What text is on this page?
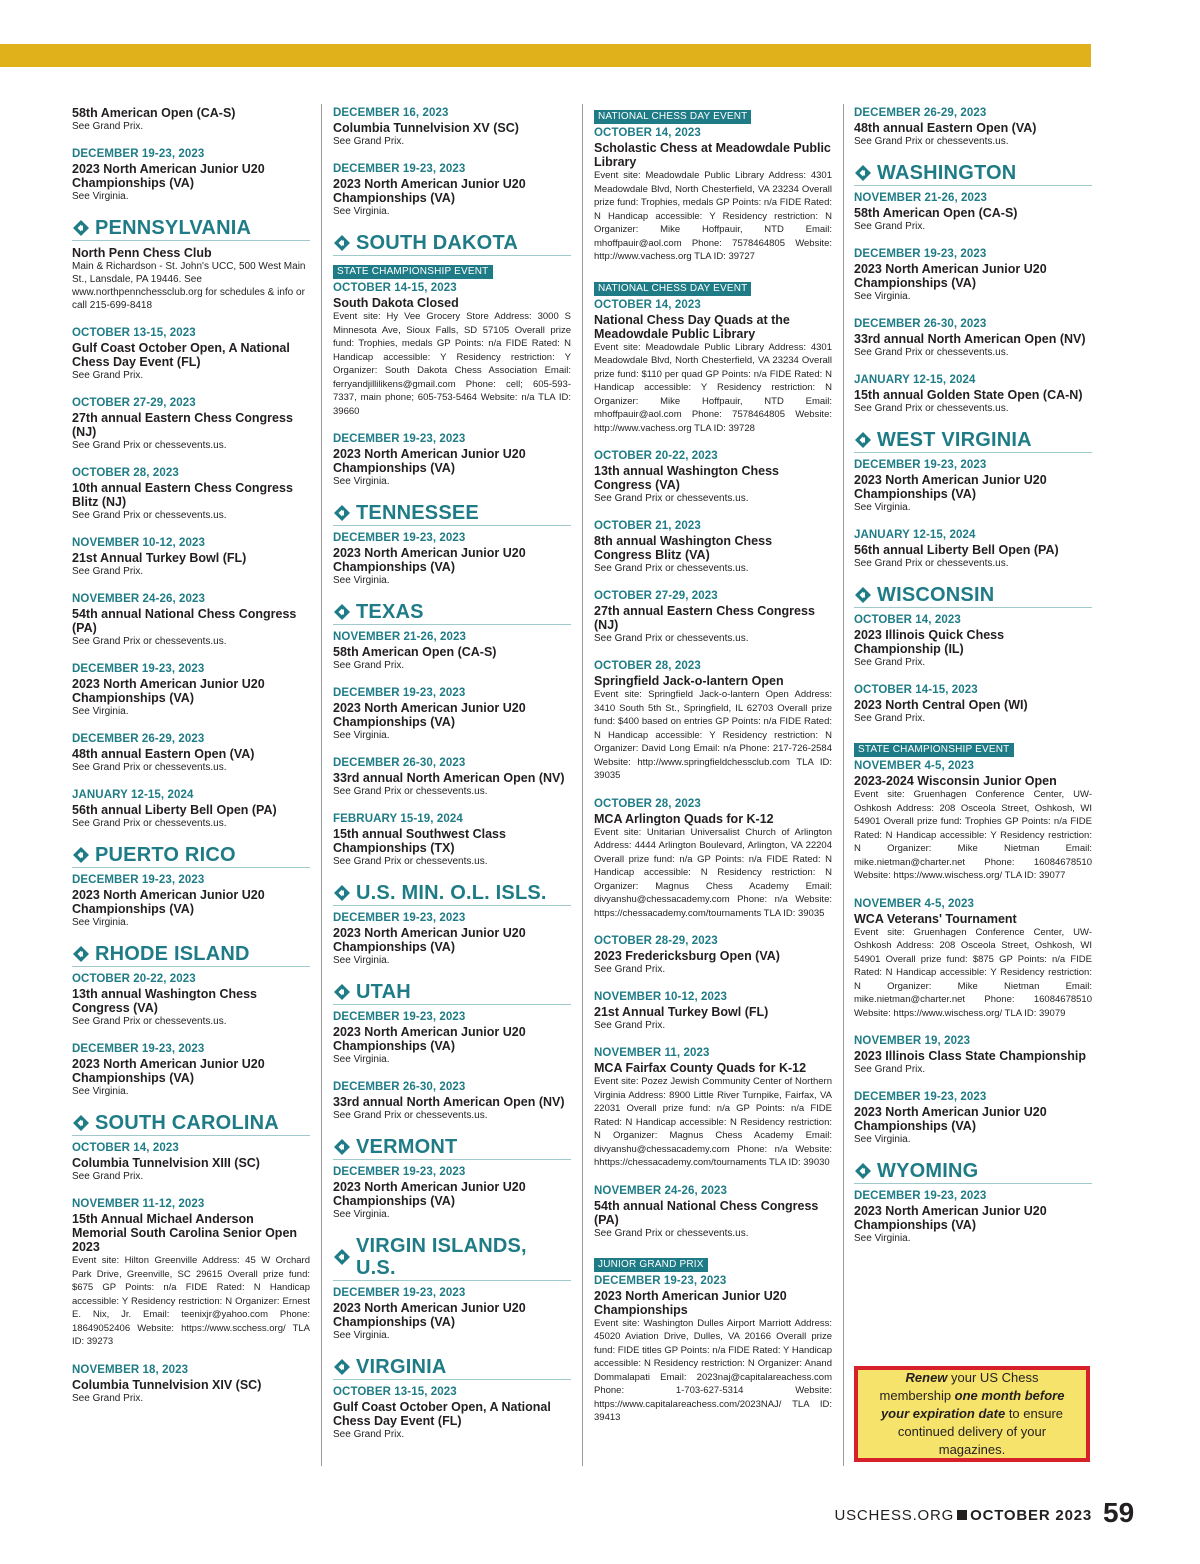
58th American Open (CA-S)
See Grand Prix.
DECEMBER 19-23, 2023
2023 North American Junior U20 Championships (VA)
See Virginia.
PENNSYLVANIA
North Penn Chess Club
Main & Richardson - St. John's UCC, 500 West Main St., Lansdale, PA 19446. See www.northpennchessclub.org for schedules & info or call 215-699-8418
OCTOBER 13-15, 2023
Gulf Coast October Open, A National Chess Day Event (FL)
See Grand Prix.
OCTOBER 27-29, 2023
27th annual Eastern Chess Congress (NJ)
See Grand Prix or chessevents.us.
OCTOBER 28, 2023
10th annual Eastern Chess Congress Blitz (NJ)
See Grand Prix or chessevents.us.
NOVEMBER 10-12, 2023
21st Annual Turkey Bowl (FL)
See Grand Prix.
NOVEMBER 24-26, 2023
54th annual National Chess Congress (PA)
See Grand Prix or chessevents.us.
DECEMBER 19-23, 2023
2023 North American Junior U20 Championships (VA)
See Virginia.
DECEMBER 26-29, 2023
48th annual Eastern Open (VA)
See Grand Prix or chessevents.us.
JANUARY 12-15, 2024
56th annual Liberty Bell Open (PA)
See Grand Prix or chessevents.us.
PUERTO RICO
DECEMBER 19-23, 2023
2023 North American Junior U20 Championships (VA)
See Virginia.
RHODE ISLAND
OCTOBER 20-22, 2023
13th annual Washington Chess Congress (VA)
See Grand Prix or chessevents.us.
DECEMBER 19-23, 2023
2023 North American Junior U20 Championships (VA)
See Virginia.
SOUTH CAROLINA
OCTOBER 14, 2023
Columbia Tunnelvision XIII (SC)
See Grand Prix.
NOVEMBER 11-12, 2023
15th Annual Michael Anderson Memorial South Carolina Senior Open 2023
Event site: Hilton Greenville Address: 45 W Orchard Park Drive, Greenville, SC 29615 Overall prize fund: $675 GP Points: n/a FIDE Rated: N Handicap accessible: Y Residency restriction: N Organizer: Ernest E. Nix, Jr. Email: teenixjr@yahoo.com Phone: 18649052406 Website: https://www.scchess.org/ TLA ID: 39273
NOVEMBER 18, 2023
Columbia Tunnelvision XIV (SC)
See Grand Prix.
DECEMBER 16, 2023
Columbia Tunnelvision XV (SC)
See Grand Prix.
DECEMBER 19-23, 2023
2023 North American Junior U20 Championships (VA)
See Virginia.
SOUTH DAKOTA
STATE CHAMPIONSHIP EVENT
OCTOBER 14-15, 2023
South Dakota Closed
Event site: Hy Vee Grocery Store Address: 3000 S Minnesota Ave, Sioux Falls, SD 57105 Overall prize fund: Trophies, medals GP Points: n/a FIDE Rated: N Handicap accessible: Y Residency restriction: Y Organizer: South Dakota Chess Association Email: ferryandjillilikens@gmail.com Phone: cell; 605-593-7337, main phone; 605-753-5464 Website: n/a TLA ID: 39660
DECEMBER 19-23, 2023
2023 North American Junior U20 Championships (VA)
See Virginia.
TENNESSEE
DECEMBER 19-23, 2023
2023 North American Junior U20 Championships (VA)
See Virginia.
TEXAS
NOVEMBER 21-26, 2023
58th American Open (CA-S)
See Grand Prix.
DECEMBER 19-23, 2023
2023 North American Junior U20 Championships (VA)
See Virginia.
DECEMBER 26-30, 2023
33rd annual North American Open (NV)
See Grand Prix or chessevents.us.
FEBRUARY 15-19, 2024
15th annual Southwest Class Championships (TX)
See Grand Prix or chessevents.us.
U.S. MIN. O.L. ISLS.
DECEMBER 19-23, 2023
2023 North American Junior U20 Championships (VA)
See Virginia.
UTAH
DECEMBER 19-23, 2023
2023 North American Junior U20 Championships (VA)
See Virginia.
DECEMBER 26-30, 2023
33rd annual North American Open (NV)
See Grand Prix or chessevents.us.
VERMONT
DECEMBER 19-23, 2023
2023 North American Junior U20 Championships (VA)
See Virginia.
VIRGIN ISLANDS, U.S.
DECEMBER 19-23, 2023
2023 North American Junior U20 Championships (VA)
See Virginia.
VIRGINIA
OCTOBER 13-15, 2023
Gulf Coast October Open, A National Chess Day Event (FL)
See Grand Prix.
NATIONAL CHESS DAY EVENT
OCTOBER 14, 2023
Scholastic Chess at Meadowdale Public Library
Event site: Meadowdale Public Library Address: 4301 Meadowdale Blvd, North Chesterfield, VA 23234 Overall prize fund: Trophies, medals GP Points: n/a FIDE Rated: N Handicap accessible: Y Residency restriction: N Organizer: Mike Hoffpauir, NTD Email: mhoffpauir@aol.com Phone: 7578464805 Website: http://www.vachess.org TLA ID: 39727
NATIONAL CHESS DAY EVENT
OCTOBER 14, 2023
National Chess Day Quads at the Meadowdale Public Library
Event site: Meadowdale Public Library Address: 4301 Meadowdale Blvd, North Chesterfield, VA 23234 Overall prize fund: $110 per quad GP Points: n/a FIDE Rated: N Handicap accessible: Y Residency restriction: N Organizer: Mike Hoffpauir, NTD Email: mhoffpauir@aol.com Phone: 7578464805 Website: http://www.vachess.org TLA ID: 39728
OCTOBER 20-22, 2023
13th annual Washington Chess Congress (VA)
See Grand Prix or chessevents.us.
OCTOBER 21, 2023
8th annual Washington Chess Congress Blitz (VA)
See Grand Prix or chessevents.us.
OCTOBER 27-29, 2023
27th annual Eastern Chess Congress (NJ)
See Grand Prix or chessevents.us.
OCTOBER 28, 2023
Springfield Jack-o-lantern Open
Event site: Springfield Jack-o-lantern Open Address: 3410 South 5th St., Springfield, IL 62703 Overall prize fund: $400 based on entries GP Points: n/a FIDE Rated: N Handicap accessible: Y Residency restriction: N Organizer: David Long Email: n/a Phone: 217-726-2584 Website: http://www.springfieldchessclub.com TLA ID: 39035
OCTOBER 28, 2023
MCA Arlington Quads for K-12
Event site: Unitarian Universalist Church of Arlington Address: 4444 Arlington Boulevard, Arlington, VA 22204 Overall prize fund: n/a GP Points: n/a FIDE Rated: N Handicap accessible: N Residency restriction: N Organizer: Magnus Chess Academy Email: divyanshu@chessacademy.com Phone: n/a Website: https://chessacademy.com/tournaments TLA ID: 39035
OCTOBER 28-29, 2023
2023 Fredericksburg Open (VA)
See Grand Prix.
NOVEMBER 10-12, 2023
21st Annual Turkey Bowl (FL)
See Grand Prix.
NOVEMBER 11, 2023
MCA Fairfax County Quads for K-12
Event site: Pozez Jewish Community Center of Northern Virginia Address: 8900 Little River Turnpike, Fairfax, VA 22031 Overall prize fund: n/a GP Points: n/a FIDE Rated: N Handicap accessible: N Residency restriction: N Organizer: Magnus Chess Academy Email: divyanshu@chessacademy.com Phone: n/a Website: hhttps://chessacademy.com/tournaments TLA ID: 39030
NOVEMBER 24-26, 2023
54th annual National Chess Congress (PA)
See Grand Prix or chessevents.us.
JUNIOR GRAND PRIX
DECEMBER 19-23, 2023
2023 North American Junior U20 Championships
Event site: Washington Dulles Airport Marriott Address: 45020 Aviation Drive, Dulles, VA 20166 Overall prize fund: FIDE titles GP Points: n/a FIDE Rated: Y Handicap accessible: N Residency restriction: N Organizer: Anand Dommalapati Email: 2023naj@capitalareachess.com Phone: 1-703-627-5314 Website: https://www.capitalareachess.com/2023NAJ/ TLA ID: 39413
DECEMBER 26-29, 2023
48th annual Eastern Open (VA)
See Grand Prix or chessevents.us.
WASHINGTON
NOVEMBER 21-26, 2023
58th American Open (CA-S)
See Grand Prix.
DECEMBER 19-23, 2023
2023 North American Junior U20 Championships (VA)
See Virginia.
DECEMBER 26-30, 2023
33rd annual North American Open (NV)
See Grand Prix or chessevents.us.
JANUARY 12-15, 2024
15th annual Golden State Open (CA-N)
See Grand Prix or chessevents.us.
WEST VIRGINIA
DECEMBER 19-23, 2023
2023 North American Junior U20 Championships (VA)
See Virginia.
JANUARY 12-15, 2024
56th annual Liberty Bell Open (PA)
See Grand Prix or chessevents.us.
WISCONSIN
OCTOBER 14, 2023
2023 Illinois Quick Chess Championship (IL)
See Grand Prix.
OCTOBER 14-15, 2023
2023 North Central Open (WI)
See Grand Prix.
STATE CHAMPIONSHIP EVENT
NOVEMBER 4-5, 2023
2023-2024 Wisconsin Junior Open
Event site: Gruenhagen Conference Center, UW-Oshkosh Address: 208 Osceola Street, Oshkosh, WI 54901 Overall prize fund: Trophies GP Points: n/a FIDE Rated: N Handicap accessible: Y Residency restriction: N Organizer: Mike Nietman Email: mike.nietman@charter.net Phone: 16084678510 Website: https://www.wischess.org/ TLA ID: 39077
NOVEMBER 4-5, 2023
WCA Veterans' Tournament
Event site: Gruenhagen Conference Center, UW-Oshkosh Address: 208 Osceola Street, Oshkosh, WI 54901 Overall prize fund: $875 GP Points: n/a FIDE Rated: N Handicap accessible: Y Residency restriction: N Organizer: Mike Nietman Email: mike.nietman@charter.net Phone: 16084678510 Website: https://www.wischess.org/ TLA ID: 39079
NOVEMBER 19, 2023
2023 Illinois Class State Championship
See Grand Prix.
DECEMBER 19-23, 2023
2023 North American Junior U20 Championships (VA)
See Virginia.
WYOMING
DECEMBER 19-23, 2023
2023 North American Junior U20 Championships (VA)
See Virginia.
Renew your US Chess membership one month before your expiration date to ensure continued delivery of your magazines.
USCHESS.ORG OCTOBER 2023 59
